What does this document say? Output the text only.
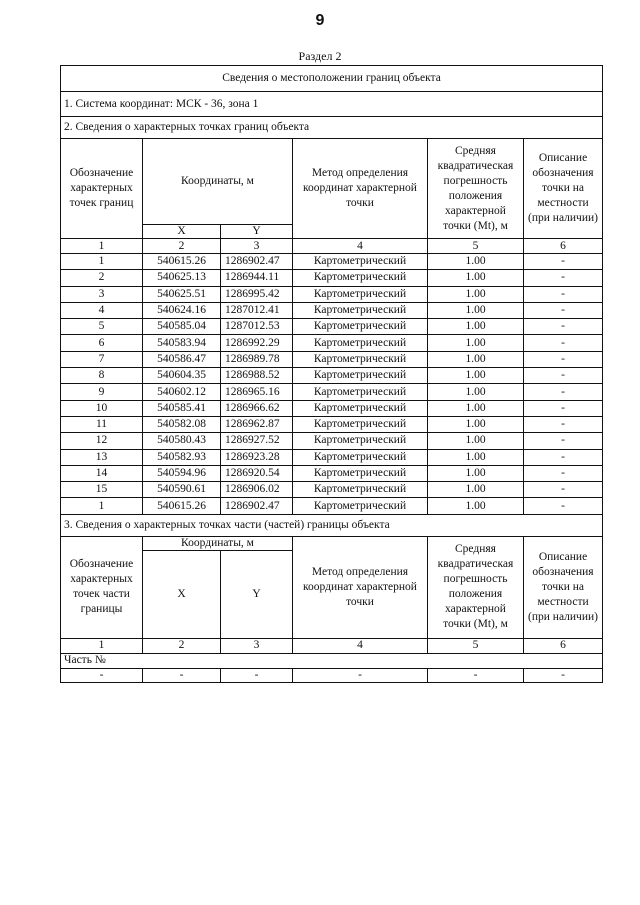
9
Раздел 2
Сведения о местоположении границ объекта					
1. Система координат: МСК - 36, зона 1					
2. Сведения о характерных точках границ объекта					
Обозначение характерных точек границ	Координаты, м		Метод определения координат характерной точки	Средняя квадратическая погрешность положения характерной точки (Mt), м	Описание обозначения точки на местности (при наличии)
	X	Y			
1	2	3	4	5	6
1	540615.26	1286902.47	Картометрический	1.00	-
2	540625.13	1286944.11	Картометрический	1.00	-
3	540625.51	1286995.42	Картометрический	1.00	-
4	540624.16	1287012.41	Картометрический	1.00	-
5	540585.04	1287012.53	Картометрический	1.00	-
6	540583.94	1286992.29	Картометрический	1.00	-
7	540586.47	1286989.78	Картометрический	1.00	-
8	540604.35	1286988.52	Картометрический	1.00	-
9	540602.12	1286965.16	Картометрический	1.00	-
10	540585.41	1286966.62	Картометрический	1.00	-
11	540582.08	1286962.87	Картометрический	1.00	-
12	540580.43	1286927.52	Картометрический	1.00	-
13	540582.93	1286923.28	Картометрический	1.00	-
14	540594.96	1286920.54	Картометрический	1.00	-
15	540590.61	1286906.02	Картометрический	1.00	-
1	540615.26	1286902.47	Картометрический	1.00	-
3. Сведения о характерных точках части (частей) границы объекта					
Обозначение характерных точек части границы	Координаты, м		Метод определения координат характерной точки	Средняя квадратическая погрешность положения характерной точки (Mt), м	Описание обозначения точки на местности (при наличии)
	X	Y			
1	2	3	4	5	6
Часть №					
-	-	-	-	-	-
